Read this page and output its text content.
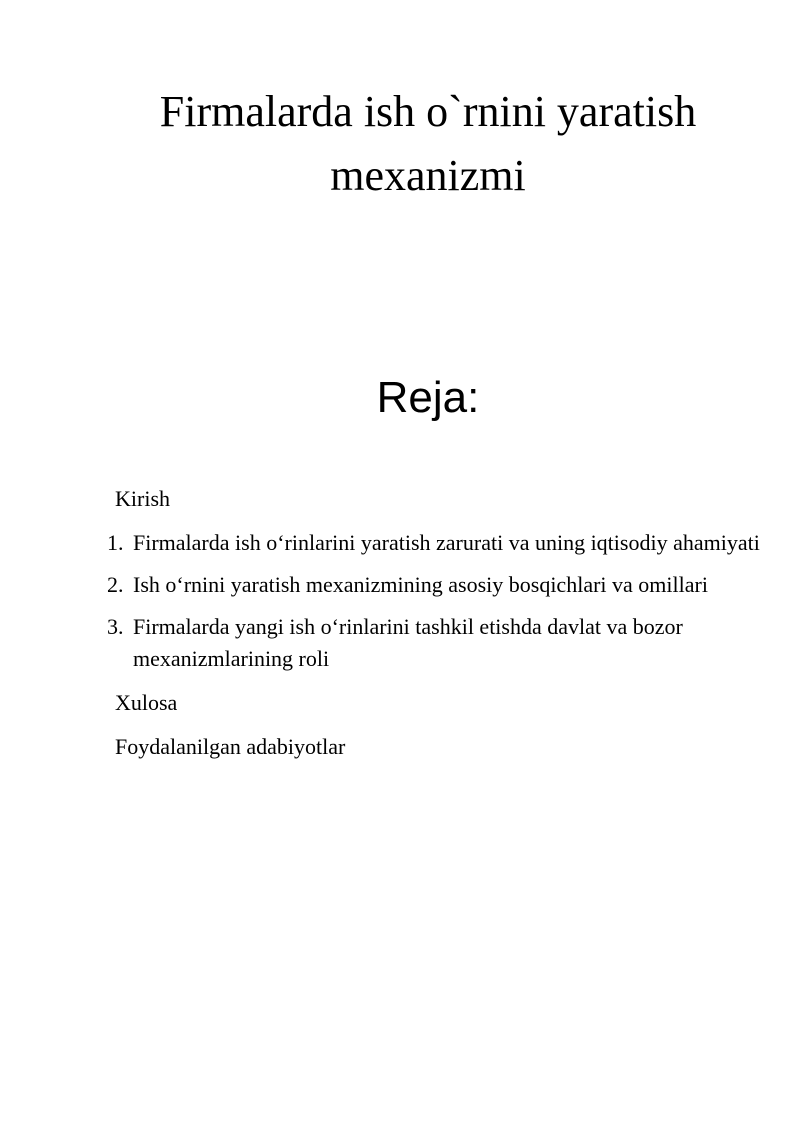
Firmalarda ish o`rnini yaratish
mexanizmi
Reja:

Kirish

1. Firmalarda ish o‘rinlarini yaratish zarurati va uning iqtisodiy ahamiyati
2. Ish o‘rnini yaratish mexanizmining asosiy bosqichlari va omillari
3. Firmalarda yangi ish o‘rinlarini tashkil etishda davlat va bozor mexanizmlarining roli

Xulosa

Foydalanilgan adabiyotlar
